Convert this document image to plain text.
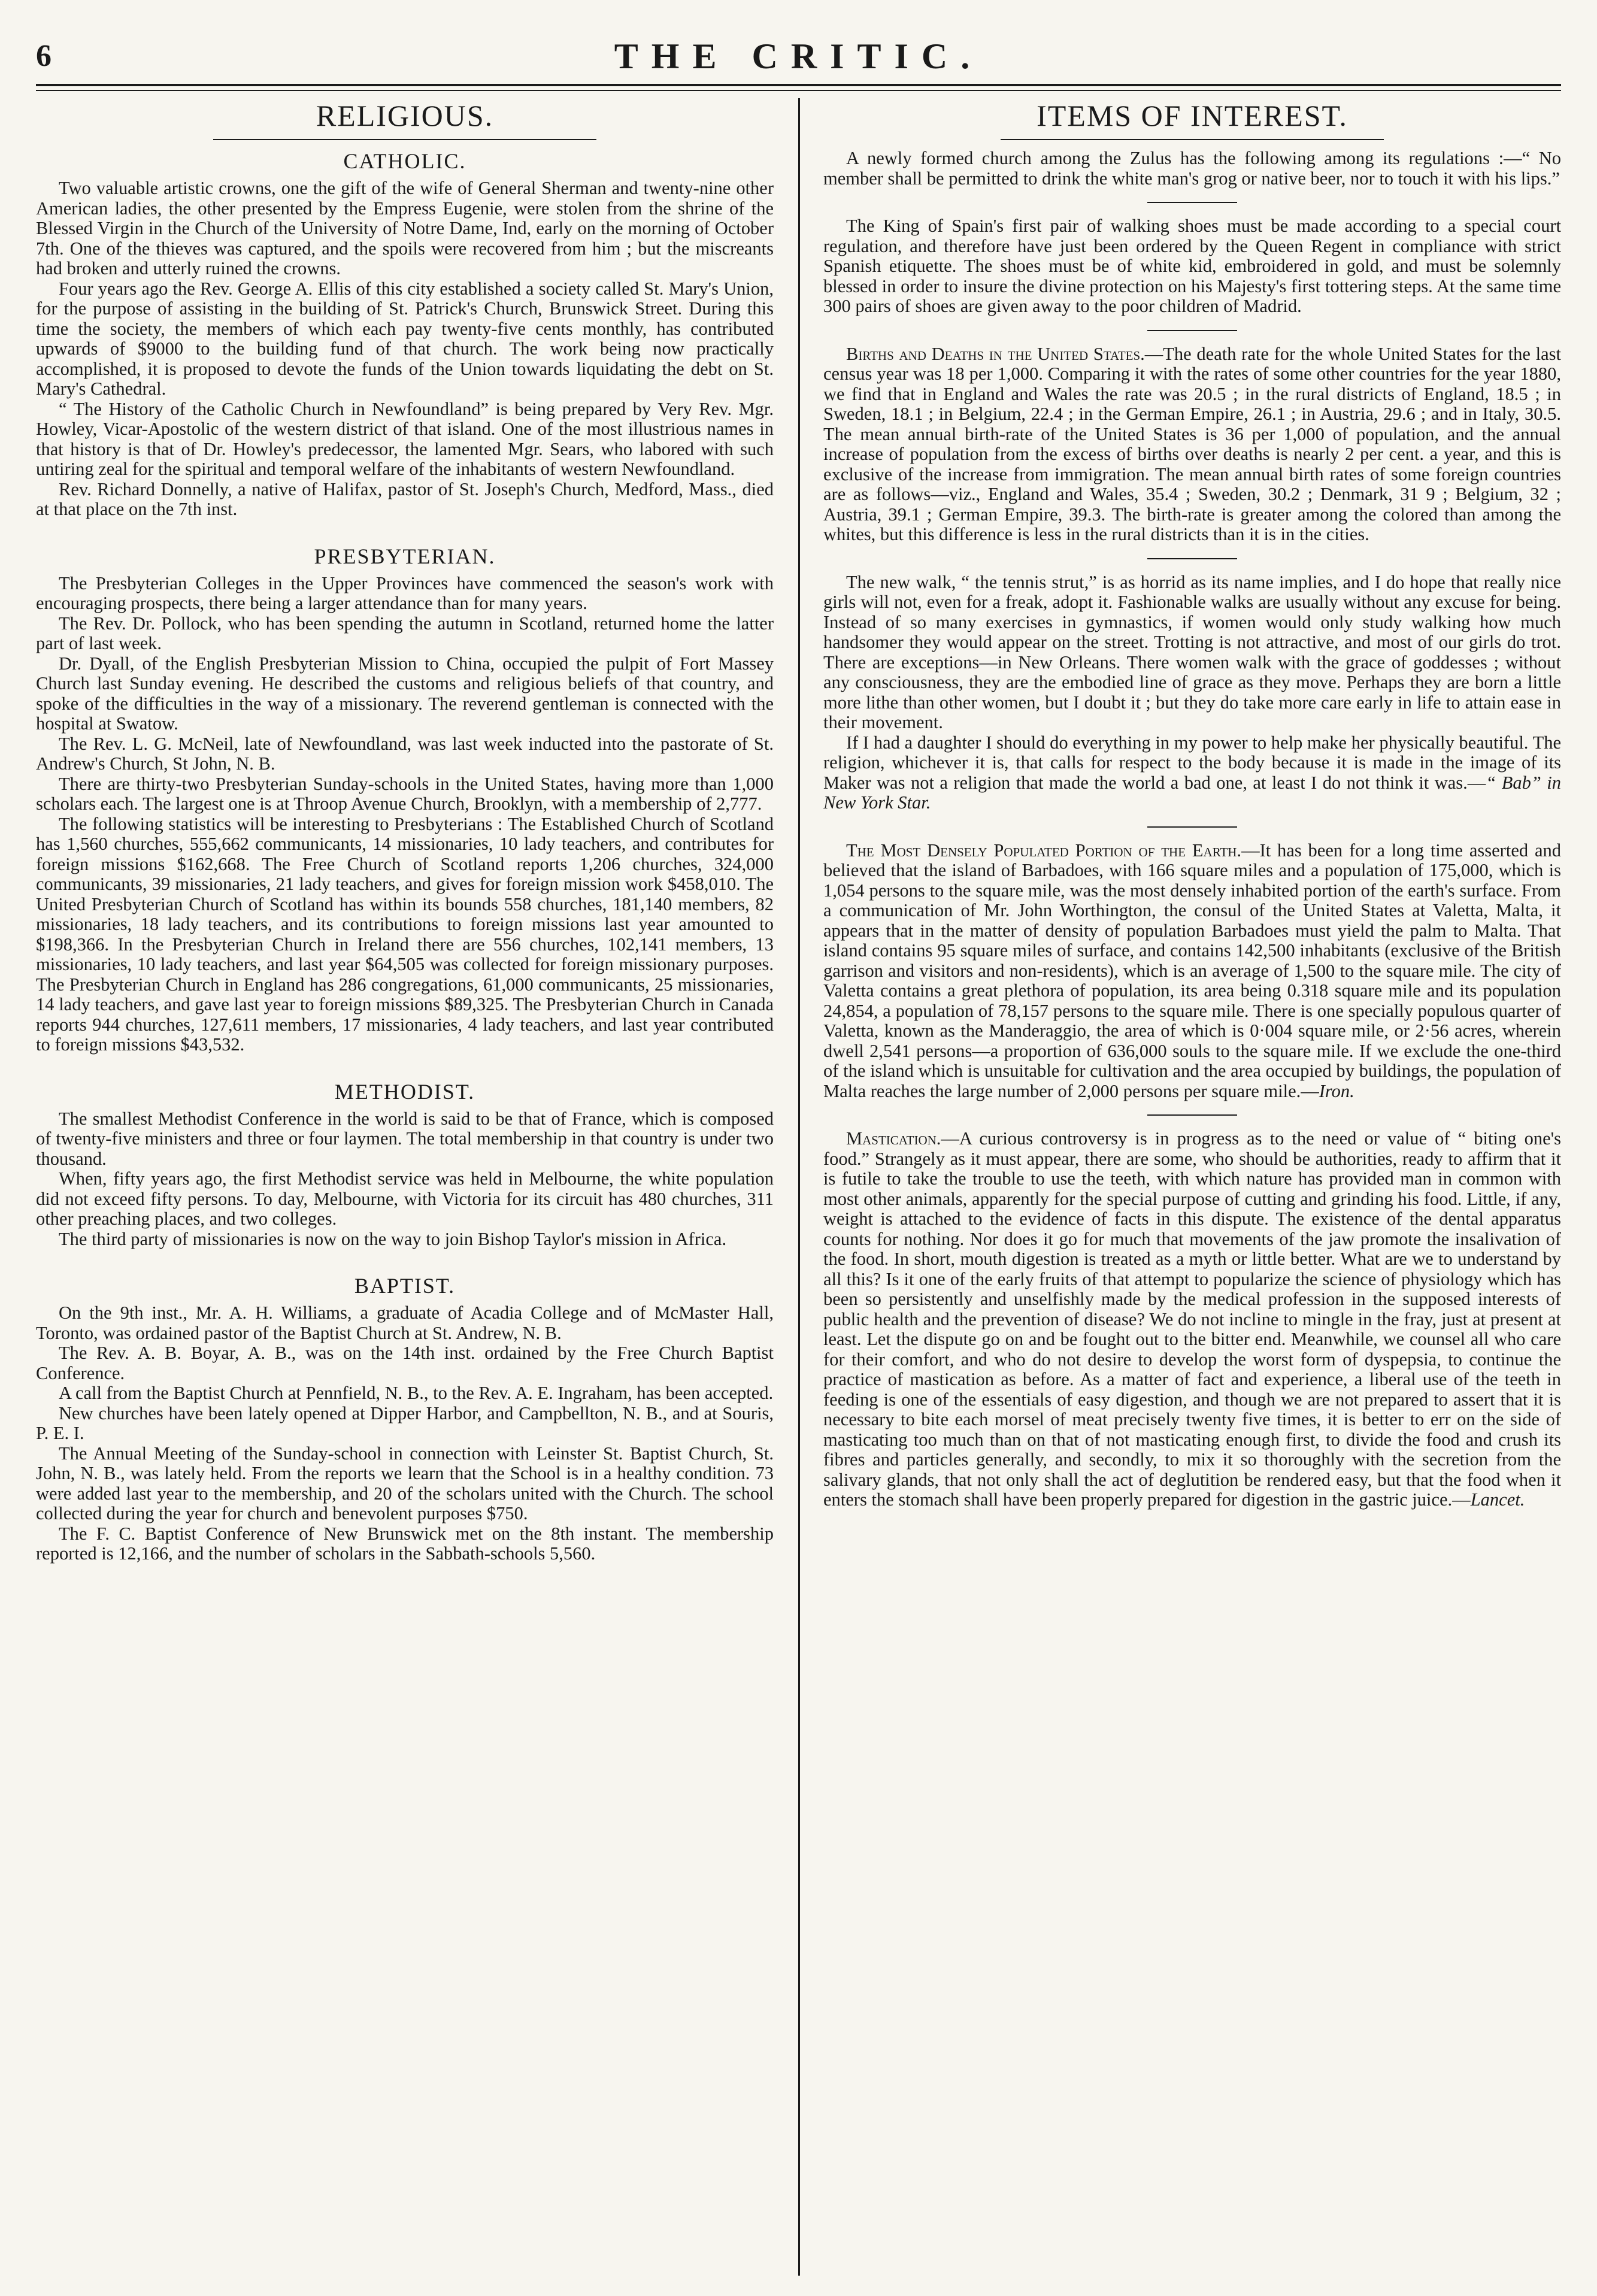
6	THE CRITIC.
RELIGIOUS.
CATHOLIC.

Two valuable artistic crowns, one the gift of the wife of General Sherman and twenty-nine other American ladies, the other presented by the Empress Eugenie, were stolen from the shrine of the Blessed Virgin in the Church of the University of Notre Dame, Ind, early on the morning of October 7th. One of the thieves was captured, and the spoils were recovered from him ; but the miscreants had broken and utterly ruined the crowns.

Four years ago the Rev. George A. Ellis of this city established a society called St. Mary's Union, for the purpose of assisting in the building of St. Patrick's Church, Brunswick Street. During this time the society, the members of which each pay twenty-five cents monthly, has contributed upwards of $9000 to the building fund of that church. The work being now practically accomplished, it is proposed to devote the funds of the Union towards liquidating the debt on St. Mary's Cathedral.

“ The History of the Catholic Church in Newfoundland” is being prepared by Very Rev. Mgr. Howley, Vicar-Apostolic of the western district of that island. One of the most illustrious names in that history is that of Dr. Howley's predecessor, the lamented Mgr. Sears, who labored with such untiring zeal for the spiritual and temporal welfare of the inhabitants of western Newfoundland.

Rev. Richard Donnelly, a native of Halifax, pastor of St. Joseph's Church, Medford, Mass., died at that place on the 7th inst.

PRESBYTERIAN.

The Presbyterian Colleges in the Upper Provinces have commenced the season's work with encouraging prospects, there being a larger attendance than for many years.

The Rev. Dr. Pollock, who has been spending the autumn in Scotland, returned home the latter part of last week.

Dr. Dyall, of the English Presbyterian Mission to China, occupied the pulpit of Fort Massey Church last Sunday evening. He described the customs and religious beliefs of that country, and spoke of the difficulties in the way of a missionary. The reverend gentleman is connected with the hospital at Swatow.

The Rev. L. G. McNeil, late of Newfoundland, was last week inducted into the pastorate of St. Andrew's Church, St John, N. B.

There are thirty-two Presbyterian Sunday-schools in the United States, having more than 1,000 scholars each. The largest one is at Throop Avenue Church, Brooklyn, with a membership of 2,777.

The following statistics will be interesting to Presbyterians : The Established Church of Scotland has 1,560 churches, 555,662 communicants, 14 missionaries, 10 lady teachers, and contributes for foreign missions $162,668. The Free Church of Scotland reports 1,206 churches, 324,000 communicants, 39 missionaries, 21 lady teachers, and gives for foreign mission work $458,010. The United Presbyterian Church of Scotland has within its bounds 558 churches, 181,140 members, 82 missionaries, 18 lady teachers, and its contributions to foreign missions last year amounted to $198,366. In the Presbyterian Church in Ireland there are 556 churches, 102,141 members, 13 missionaries, 10 lady teachers, and last year $64,505 was collected for foreign missionary purposes. The Presbyterian Church in England has 286 congregations, 61,000 communicants, 25 missionaries, 14 lady teachers, and gave last year to foreign missions $89,325. The Presbyterian Church in Canada reports 944 churches, 127,611 members, 17 missionaries, 4 lady teachers, and last year contributed to foreign missions $43,532.

METHODIST.

The smallest Methodist Conference in the world is said to be that of France, which is composed of twenty-five ministers and three or four laymen. The total membership in that country is under two thousand.

When, fifty years ago, the first Methodist service was held in Melbourne, the white population did not exceed fifty persons. To day, Melbourne, with Victoria for its circuit has 480 churches, 311 other preaching places, and two colleges.

The third party of missionaries is now on the way to join Bishop Taylor's mission in Africa.

BAPTIST.

On the 9th inst., Mr. A. H. Williams, a graduate of Acadia College and of McMaster Hall, Toronto, was ordained pastor of the Baptist Church at St. Andrew, N. B.

The Rev. A. B. Boyar, A. B., was on the 14th inst. ordained by the Free Church Baptist Conference.

A call from the Baptist Church at Pennfield, N. B., to the Rev. A. E. Ingraham, has been accepted.

New churches have been lately opened at Dipper Harbor, and Campbellton, N. B., and at Souris, P. E. I.

The Annual Meeting of the Sunday-school in connection with Leinster St. Baptist Church, St. John, N. B., was lately held. From the reports we learn that the School is in a healthy condition. 73 were added last year to the membership, and 20 of the scholars united with the Church. The school collected during the year for church and benevolent purposes $750.

The F. C. Baptist Conference of New Brunswick met on the 8th instant. The membership reported is 12,166, and the number of scholars in the Sabbath-schools 5,560.

ITEMS OF INTEREST.

A newly formed church among the Zulus has the following among its regulations :—“ No member shall be permitted to drink the white man's grog or native beer, nor to touch it with his lips.”

The King of Spain's first pair of walking shoes must be made according to a special court regulation, and therefore have just been ordered by the Queen Regent in compliance with strict Spanish etiquette. The shoes must be of white kid, embroidered in gold, and must be solemnly blessed in order to insure the divine protection on his Majesty's first tottering steps. At the same time 300 pairs of shoes are given away to the poor children of Madrid.

Births and Deaths in the United States.—The death rate for the whole United States for the last census year was 18 per 1,000. Comparing it with the rates of some other countries for the year 1880, we find that in England and Wales the rate was 20.5 ; in the rural districts of England, 18.5 ; in Sweden, 18.1 ; in Belgium, 22.4 ; in the German Empire, 26.1 ; in Austria, 29.6 ; and in Italy, 30.5. The mean annual birth-rate of the United States is 36 per 1,000 of population, and the annual increase of population from the excess of births over deaths is nearly 2 per cent. a year, and this is exclusive of the increase from immigration. The mean annual birth rates of some foreign countries are as follows—viz., England and Wales, 35.4 ; Sweden, 30.2 ; Denmark, 31 9 ; Belgium, 32 ; Austria, 39.1 ; German Empire, 39.3. The birth-rate is greater among the colored than among the whites, but this difference is less in the rural districts than it is in the cities.

The new walk, “ the tennis strut,” is as horrid as its name implies, and I do hope that really nice girls will not, even for a freak, adopt it. Fashionable walks are usually without any excuse for being. Instead of so many exercises in gymnastics, if women would only study walking how much handsomer they would appear on the street. Trotting is not attractive, and most of our girls do trot. There are exceptions—in New Orleans. There women walk with the grace of goddesses ; without any consciousness, they are the embodied line of grace as they move. Perhaps they are born a little more lithe than other women, but I doubt it ; but they do take more care early in life to attain ease in their movement.

If I had a daughter I should do everything in my power to help make her physically beautiful. The religion, whichever it is, that calls for respect to the body because it is made in the image of its Maker was not a religion that made the world a bad one, at least I do not think it was.—“ Bab” in New York Star.

The Most Densely Populated Portion of the Earth.—It has been for a long time asserted and believed that the island of Barbadoes, with 166 square miles and a population of 175,000, which is 1,054 persons to the square mile, was the most densely inhabited portion of the earth's surface. From a communication of Mr. John Worthington, the consul of the United States at Valetta, Malta, it appears that in the matter of density of population Barbadoes must yield the palm to Malta. That island contains 95 square miles of surface, and contains 142,500 inhabitants (exclusive of the British garrison and visitors and non-residents), which is an average of 1,500 to the square mile. The city of Valetta contains a great plethora of population, its area being 0.318 square mile and its population 24,854, a population of 78,157 persons to the square mile. There is one specially populous quarter of Valetta, known as the Manderaggio, the area of which is 0·004 square mile, or 2·56 acres, wherein dwell 2,541 persons—a proportion of 636,000 souls to the square mile. If we exclude the one-third of the island which is unsuitable for cultivation and the area occupied by buildings, the population of Malta reaches the large number of 2,000 persons per square mile.—Iron.

Mastication.—A curious controversy is in progress as to the need or value of “ biting one's food.” Strangely as it must appear, there are some, who should be authorities, ready to affirm that it is futile to take the trouble to use the teeth, with which nature has provided man in common with most other animals, apparently for the special purpose of cutting and grinding his food. Little, if any, weight is attached to the evidence of facts in this dispute. The existence of the dental apparatus counts for nothing. Nor does it go for much that movements of the jaw promote the insalivation of the food. In short, mouth digestion is treated as a myth or little better. What are we to understand by all this? Is it one of the early fruits of that attempt to popularize the science of physiology which has been so persistently and unselfishly made by the medical profession in the supposed interests of public health and the prevention of disease? We do not incline to mingle in the fray, just at present at least. Let the dispute go on and be fought out to the bitter end. Meanwhile, we counsel all who care for their comfort, and who do not desire to develop the worst form of dyspepsia, to continue the practice of mastication as before. As a matter of fact and experience, a liberal use of the teeth in feeding is one of the essentials of easy digestion, and though we are not prepared to assert that it is necessary to bite each morsel of meat precisely twenty five times, it is better to err on the side of masticating too much than on that of not masticating enough first, to divide the food and crush its fibres and particles generally, and secondly, to mix it so thoroughly with the secretion from the salivary glands, that not only shall the act of deglutition be rendered easy, but that the food when it enters the stomach shall have been properly prepared for digestion in the gastric juice.—Lancet.
